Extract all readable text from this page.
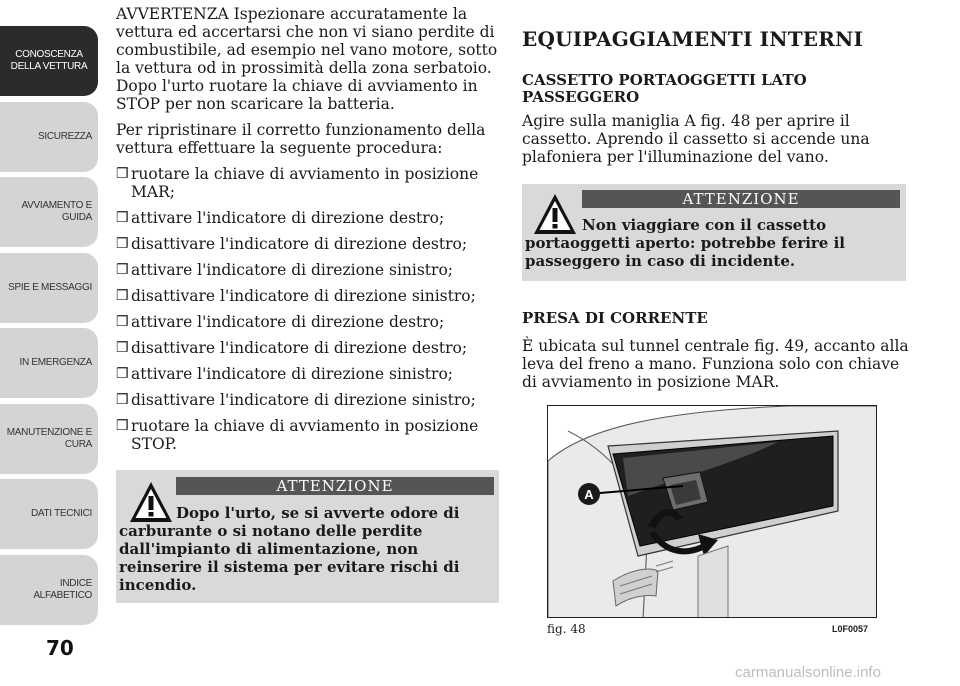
CONOSCENZA
DELLA VETTURA
SICUREZZA
AVVIAMENTO E
GUIDA
SPIE E MESSAGGI
IN EMERGENZA
MANUTENZIONE E
CURA
DATI TECNICI
INDICE
ALFABETICO
70

AVVERTENZA Ispezionare accuratamente la vettura ed accertarsi che non vi siano perdite di combustibile, ad esempio nel vano motore, sotto la vettura od in prossimità della zona serbatoio. Dopo l'urto ruotare la chiave di avviamento in STOP per non scaricare la batteria.

Per ripristinare il corretto funzionamento della vettura effettuare la seguente procedura:

❒ ruotare la chiave di avviamento in posizione MAR;
❒ attivare l'indicatore di direzione destro;
❒ disattivare l'indicatore di direzione destro;
❒ attivare l'indicatore di direzione sinistro;
❒ disattivare l'indicatore di direzione sinistro;
❒ attivare l'indicatore di direzione destro;
❒ disattivare l'indicatore di direzione destro;
❒ attivare l'indicatore di direzione sinistro;
❒ disattivare l'indicatore di direzione sinistro;
❒ ruotare la chiave di avviamento in posizione STOP.
ATTENZIONE
Dopo l'urto, se si avverte odore di carburante o si notano delle perdite dall'impianto di alimentazione, non reinserire il sistema per evitare rischi di incendio.
EQUIPAGGIAMENTI INTERNI
CASSETTO PORTAOGGETTI LATO PASSEGGERO

Agire sulla maniglia A fig. 48 per aprire il cassetto. Aprendo il cassetto si accende una plafoniera per l'illuminazione del vano.

ATTENZIONE
Non viaggiare con il cassetto portaoggetti aperto: potrebbe ferire il passeggero in caso di incidente.
PRESA DI CORRENTE

È ubicata sul tunnel centrale fig. 49, accanto alla leva del freno a mano. Funziona solo con chiave di avviamento in posizione MAR.

A
fig. 48	L0F0057
carmanualsonline.info
